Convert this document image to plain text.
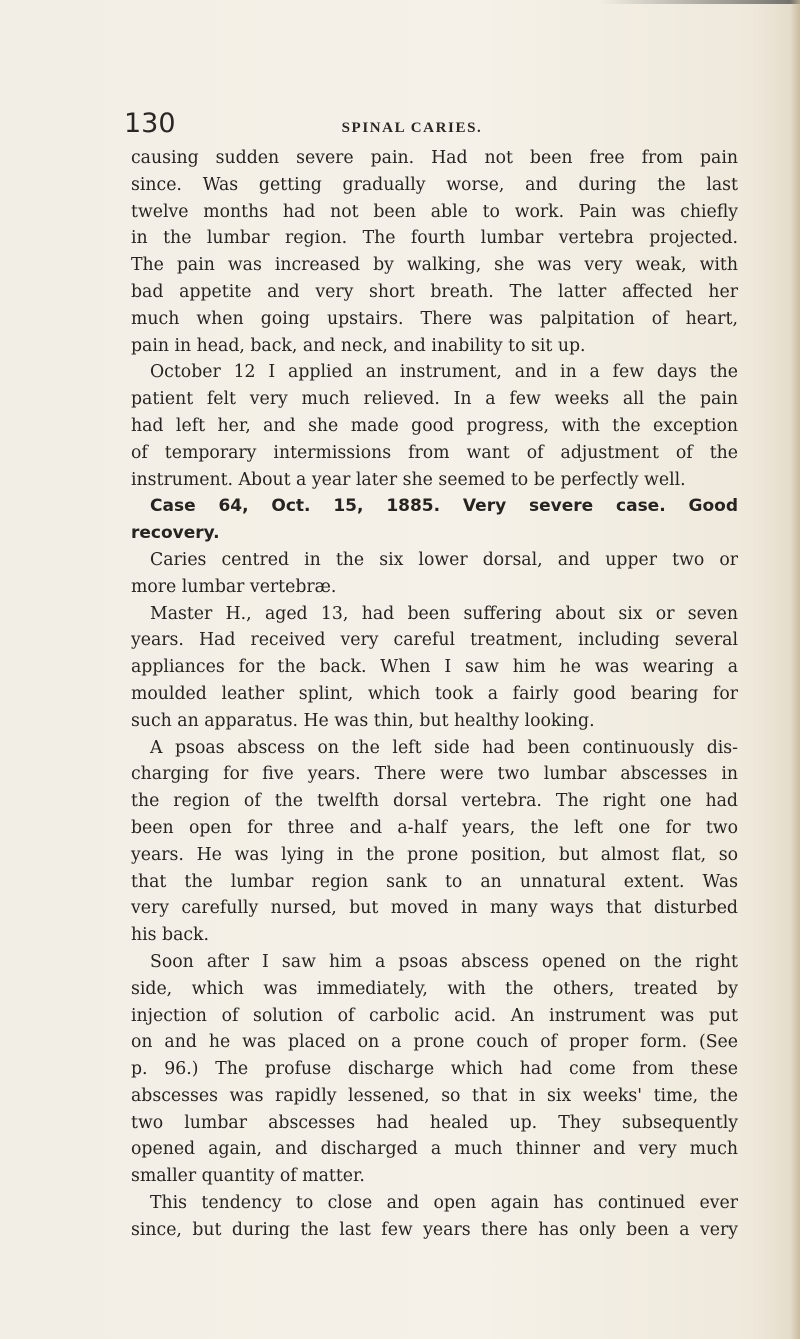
130	SPINAL CARIES.
causing sudden severe pain. Had not been free from pain
since. Was getting gradually worse, and during the last
twelve months had not been able to work. Pain was chiefly
in the lumbar region. The fourth lumbar vertebra projected.
The pain was increased by walking, she was very weak, with
bad appetite and very short breath. The latter affected her
much when going upstairs. There was palpitation of heart,
pain in head, back, and neck, and inability to sit up.
October 12 I applied an instrument, and in a few days the
patient felt very much relieved. In a few weeks all the pain
had left her, and she made good progress, with the exception
of temporary intermissions from want of adjustment of the
instrument. About a year later she seemed to be perfectly well.
Case 64, Oct. 15, 1885. Very severe case. Good
recovery.
Caries centred in the six lower dorsal, and upper two or
more lumbar vertebræ.
Master H., aged 13, had been suffering about six or seven
years. Had received very careful treatment, including several
appliances for the back. When I saw him he was wearing a
moulded leather splint, which took a fairly good bearing for
such an apparatus. He was thin, but healthy looking.
A psoas abscess on the left side had been continuously dis-
charging for five years. There were two lumbar abscesses in
the region of the twelfth dorsal vertebra. The right one had
been open for three and a-half years, the left one for two
years. He was lying in the prone position, but almost flat, so
that the lumbar region sank to an unnatural extent. Was
very carefully nursed, but moved in many ways that disturbed
his back.
Soon after I saw him a psoas abscess opened on the right
side, which was immediately, with the others, treated by
injection of solution of carbolic acid. An instrument was put
on and he was placed on a prone couch of proper form. (See
p. 96.) The profuse discharge which had come from these
abscesses was rapidly lessened, so that in six weeks' time, the
two lumbar abscesses had healed up. They subsequently
opened again, and discharged a much thinner and very much
smaller quantity of matter.
This tendency to close and open again has continued ever
since, but during the last few years there has only been a very
